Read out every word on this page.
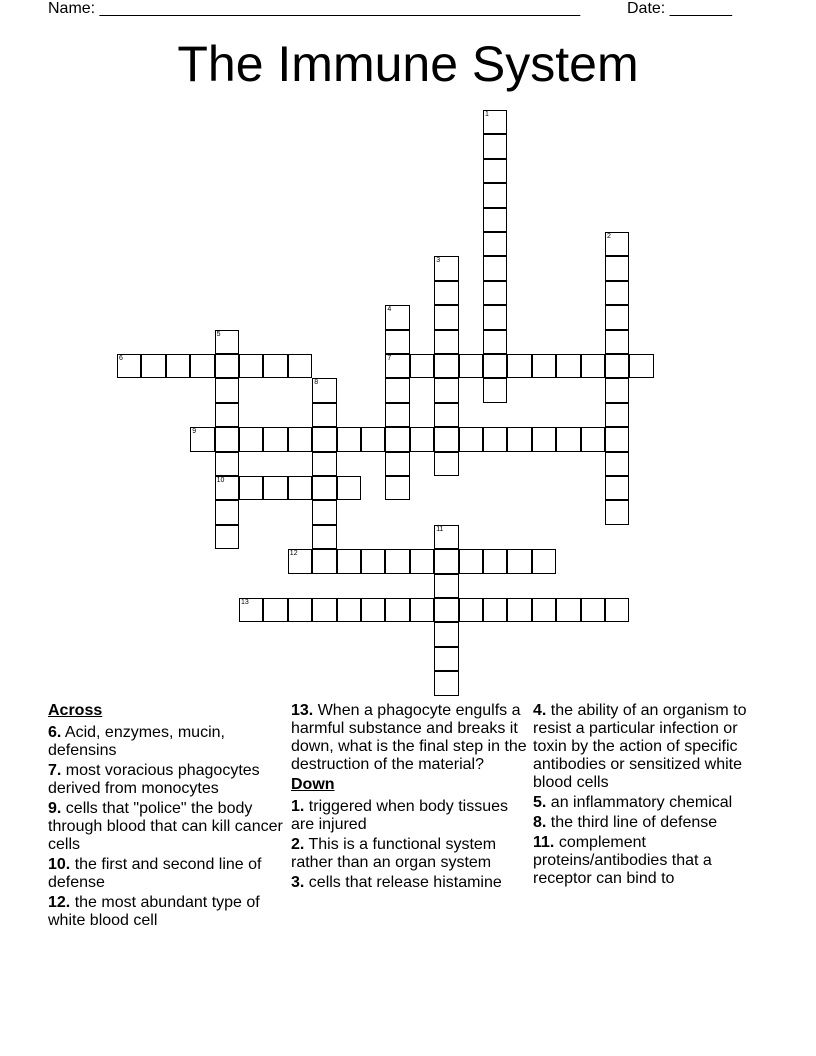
Name: ______________________________________________________	Date: _______
The Immune System
1
2
3
4
7
5
10
6
8
9
11
12
13
Across
6. Acid, enzymes, mucin, defensins
7. most voracious phagocytes derived from monocytes
9. cells that "police" the body through blood that can kill cancer cells
10. the first and second line of defense
12. the most abundant type of white blood cell
13. When a phagocyte engulfs a harmful substance and breaks it down, what is the final step in the destruction of the material?
Down
1. triggered when body tissues are injured
2. This is a functional system rather than an organ system
3. cells that release histamine
4. the ability of an organism to resist a particular infection or toxin by the action of specific antibodies or sensitized white blood cells
5. an inflammatory chemical
8. the third line of defense
11. complement proteins/antibodies that a receptor can bind to
